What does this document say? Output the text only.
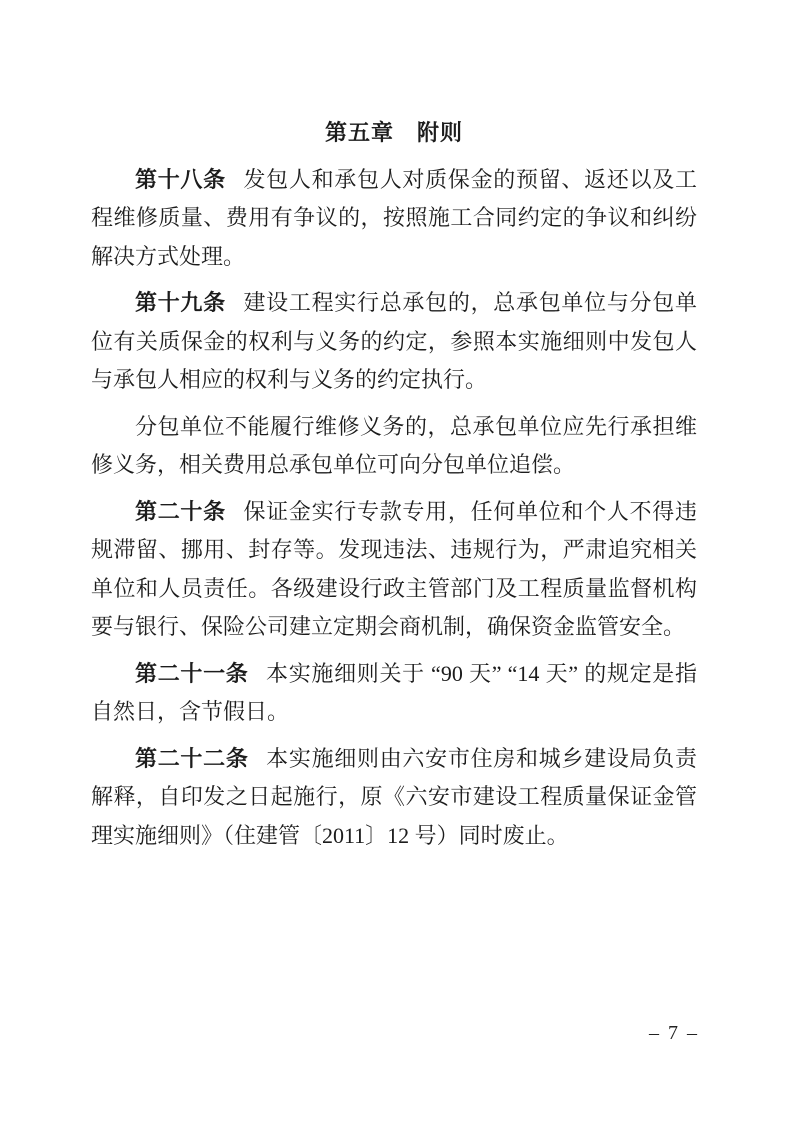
第五章　附则

第十八条 发包人和承包人对质保金的预留、返还以及工程维修质量、费用有争议的，按照施工合同约定的争议和纠纷解决方式处理。

第十九条 建设工程实行总承包的，总承包单位与分包单位有关质保金的权利与义务的约定，参照本实施细则中发包人与承包人相应的权利与义务的约定执行。

分包单位不能履行维修义务的，总承包单位应先行承担维修义务，相关费用总承包单位可向分包单位追偿。

第二十条 保证金实行专款专用，任何单位和个人不得违规滞留、挪用、封存等。发现违法、违规行为，严肃追究相关单位和人员责任。各级建设行政主管部门及工程质量监督机构要与银行、保险公司建立定期会商机制，确保资金监管安全。

第二十一条 本实施细则关于 “90 天” “14 天” 的规定是指自然日，含节假日。

第二十二条 本实施细则由六安市住房和城乡建设局负责解释，自印发之日起施行，原《六安市建设工程质量保证金管理实施细则》（住建管〔2011〕12 号）同时废止。

– 7 –
